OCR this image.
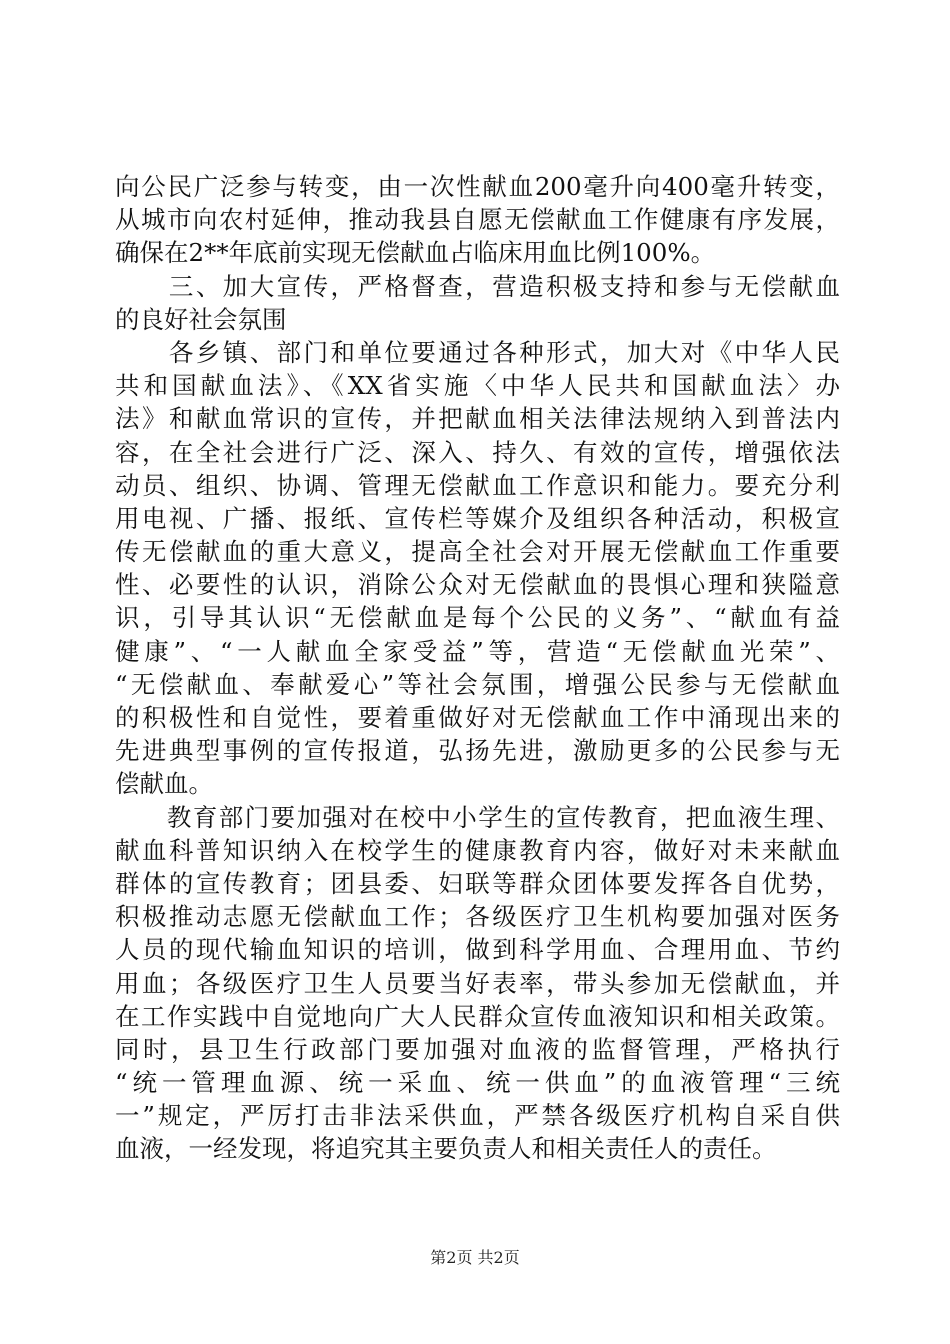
向公民广泛参与转变，由一次性献血200毫升向400毫升转变，
从城市向农村延伸，推动我县自愿无偿献血工作健康有序发展，
确保在2**年底前实现无偿献血占临床用血比例100%。
　　三、加大宣传，严格督查，营造积极支持和参与无偿献血
的良好社会氛围
　　各乡镇、部门和单位要通过各种形式，加大对《中华人民
共和国献血法》、《XX省实施〈中华人民共和国献血法〉办
法》和献血常识的宣传，并把献血相关法律法规纳入到普法内
容，在全社会进行广泛、深入、持久、有效的宣传，增强依法
动员、组织、协调、管理无偿献血工作意识和能力。要充分利
用电视、广播、报纸、宣传栏等媒介及组织各种活动，积极宣
传无偿献血的重大意义，提高全社会对开展无偿献血工作重要
性、必要性的认识，消除公众对无偿献血的畏惧心理和狭隘意
识，引导其认识“无偿献血是每个公民的义务”、“献血有益
健康”、“一人献血全家受益”等，营造“无偿献血光荣”、
“无偿献血、奉献爱心”等社会氛围，增强公民参与无偿献血
的积极性和自觉性，要着重做好对无偿献血工作中涌现出来的
先进典型事例的宣传报道，弘扬先进，激励更多的公民参与无
偿献血。
　　教育部门要加强对在校中小学生的宣传教育，把血液生理、
献血科普知识纳入在校学生的健康教育内容，做好对未来献血
群体的宣传教育；团县委、妇联等群众团体要发挥各自优势，
积极推动志愿无偿献血工作；各级医疗卫生机构要加强对医务
人员的现代输血知识的培训，做到科学用血、合理用血、节约
用血；各级医疗卫生人员要当好表率，带头参加无偿献血，并
在工作实践中自觉地向广大人民群众宣传血液知识和相关政策。
同时，县卫生行政部门要加强对血液的监督管理，严格执行
“统一管理血源、统一采血、统一供血”的血液管理“三统
一”规定，严厉打击非法采供血，严禁各级医疗机构自采自供
血液，一经发现，将追究其主要负责人和相关责任人的责任。
第2页 共2页
